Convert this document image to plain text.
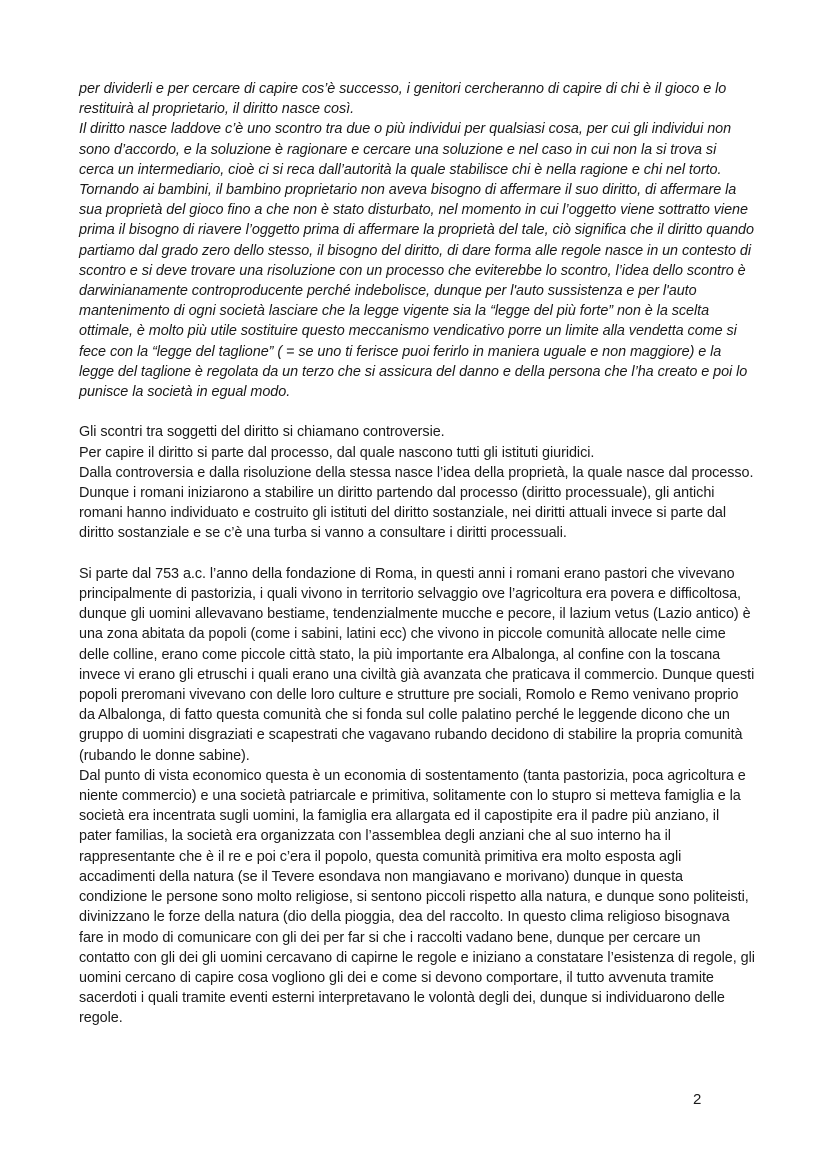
per dividerli e per cercare di capire cos’è successo, i genitori cercheranno di capire di chi è il gioco e lo restituirà al proprietario, il diritto nasce così.

Il diritto nasce laddove c’è uno scontro tra due o più individui per qualsiasi cosa, per cui gli individui non sono d’accordo, e la soluzione è ragionare e cercare una soluzione e nel caso in cui non la si trova si cerca un intermediario, cioè ci si reca dall’autorità la quale stabilisce chi è nella ragione e chi nel torto.

Tornando ai bambini, il bambino proprietario non aveva bisogno di affermare il suo diritto, di affermare la sua proprietà del gioco fino a che non è stato disturbato, nel momento in cui l’oggetto viene sottratto viene prima il bisogno di riavere l’oggetto prima di affermare la proprietà del tale, ciò significa che il diritto quando partiamo dal grado zero dello stesso, il bisogno del diritto, di dare forma alle regole nasce in un contesto di scontro e si deve trovare una risoluzione con un processo che eviterebbe lo scontro, l’idea dello scontro è darwinianamente controproducente perché indebolisce, dunque per l'auto sussistenza e per l'auto mantenimento di ogni società lasciare che la legge vigente sia la “legge del più forte” non è la scelta ottimale, è molto più utile sostituire questo meccanismo vendicativo porre un limite alla vendetta come si fece con la “legge del taglione” ( = se uno ti ferisce puoi ferirlo in maniera uguale e non maggiore) e la legge del taglione è regolata da un terzo che si assicura del danno e della persona che l’ha creato e poi lo punisce la società in egual modo.

Gli scontri tra soggetti del diritto si chiamano controversie.

Per capire il diritto si parte dal processo, dal quale nascono tutti gli istituti giuridici.

Dalla controversia e dalla risoluzione della stessa nasce l’idea della proprietà, la quale nasce dal processo.

Dunque i romani iniziarono a stabilire un diritto partendo dal processo (diritto processuale), gli antichi romani hanno individuato e costruito gli istituti del diritto sostanziale, nei diritti attuali invece si parte dal diritto sostanziale e se c’è una turba si vanno a consultare i diritti processuali.

Si parte dal 753 a.c. l’anno della fondazione di Roma, in questi anni i romani erano pastori che vivevano principalmente di pastorizia, i quali vivono in territorio selvaggio ove l’agricoltura era povera e difficoltosa, dunque gli uomini allevavano bestiame, tendenzialmente mucche e pecore, il lazium vetus (Lazio antico) è una zona abitata da popoli (come i sabini, latini ecc) che vivono in piccole comunità allocate nelle cime delle colline, erano come piccole città stato, la più importante era Albalonga, al confine con la toscana invece vi erano gli etruschi i quali erano una civiltà già avanzata che praticava il commercio. Dunque questi popoli preromani vivevano con delle loro culture e strutture pre sociali, Romolo e Remo venivano proprio da Albalonga, di fatto questa comunità che si fonda sul colle palatino perché le leggende dicono che un gruppo di uomini disgraziati e scapestrati che vagavano rubando decidono di stabilire la propria comunità (rubando le donne sabine).

Dal punto di vista economico questa è un economia di sostentamento (tanta pastorizia, poca agricoltura e niente commercio) e una società patriarcale e primitiva, solitamente con lo stupro si metteva famiglia e la società era incentrata sugli uomini, la famiglia era allargata ed il capostipite era il padre più anziano, il pater familias, la società era organizzata con l’assemblea degli anziani che al suo interno ha il rappresentante che è il re e poi c’era il popolo, questa comunità primitiva era molto esposta agli accadimenti della natura (se il Tevere esondava non mangiavano e morivano) dunque in questa condizione le persone sono molto religiose, si sentono piccoli rispetto alla natura, e dunque sono politeisti, divinizzano le forze della natura (dio della pioggia, dea del raccolto. In questo clima religioso bisognava fare in modo di comunicare con gli dei per far si che i raccolti vadano bene, dunque per cercare un contatto con gli dei gli uomini cercavano di capirne le regole e iniziano a constatare l’esistenza di regole, gli uomini cercano di capire cosa vogliono gli dei e come si devono comportare, il tutto avvenuta tramite sacerdoti i quali tramite eventi esterni interpretavano le volontà degli dei, dunque si individuarono delle regole.

2
